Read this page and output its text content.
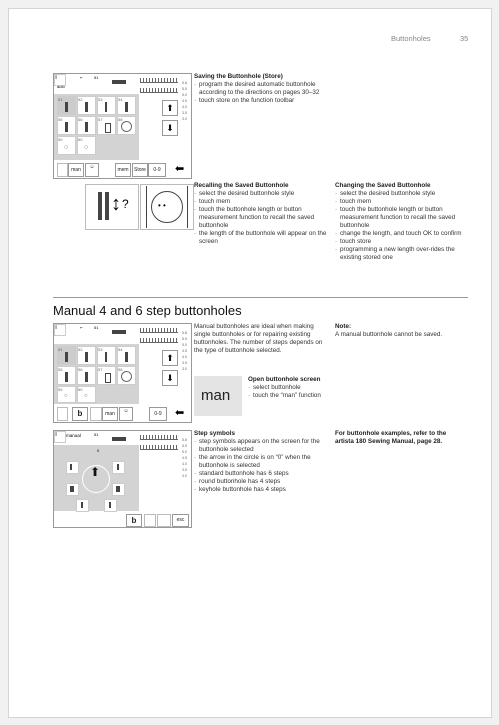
Buttonholes	35
⫴
auto
⌐	51
5.8
5.5
5.0
4.5
4.0
3.5
3.0
51	52	53	54
55	56	57	58
59
○
60
○
⬆
⬇
man	☺	mem	Store	0-9	⬅
Saving the Buttonhole (Store)
· program the desired automatic buttonhole according to the directions on pages 30–32
· touch store on the function toolbar
↕ ?	• •
Recalling the Saved Buttonhole
· select the desired buttonhole style
· touch mem
· touch the buttonhole length or button measurement function to recall the saved buttonhole
· the length of the buttonhole will appear on the screen
Changing the Saved Buttonhole
· select the desired buttonhole style
· touch mem
· touch the buttonhole length or button measurement function to recall the saved buttonhole
· change the length, and touch OK to confirm
· touch store
· programming a new length over-rides the existing stored one
Manual 4 and 6 step buttonholes
⫴	⌐	51
5.8
5.5
5.0
4.5
4.0
3.5
3.0
51	52	53	54
55	56	57	58
59
○
60
○
⬆
⬇
b	man	☺	0-9	⬅
Manual buttonholes are ideal when making single buttonholes or for repairing existing buttonholes. The number of steps depends on the type of buttonhole selected.
Note:
A manual buttonhole cannot be saved.
man
Open buttonhole screen
· select buttonhole
· touch the “man” function
⫴	manual	51
5.8
5.5
5.0
4.5
4.0
3.5
3.0
0
⬆
b	esc
Step symbols
· step symbols appears on the screen for the buttonhole selected
· the arrow in the circle is on “0” when the buttonhole is selected
· standard buttonhole has 6 steps
· round buttonhole has 4 steps
· keyhole buttonhole has 4 steps
For buttonhole examples, refer to the artista 180 Sewing Manual, page 28.
